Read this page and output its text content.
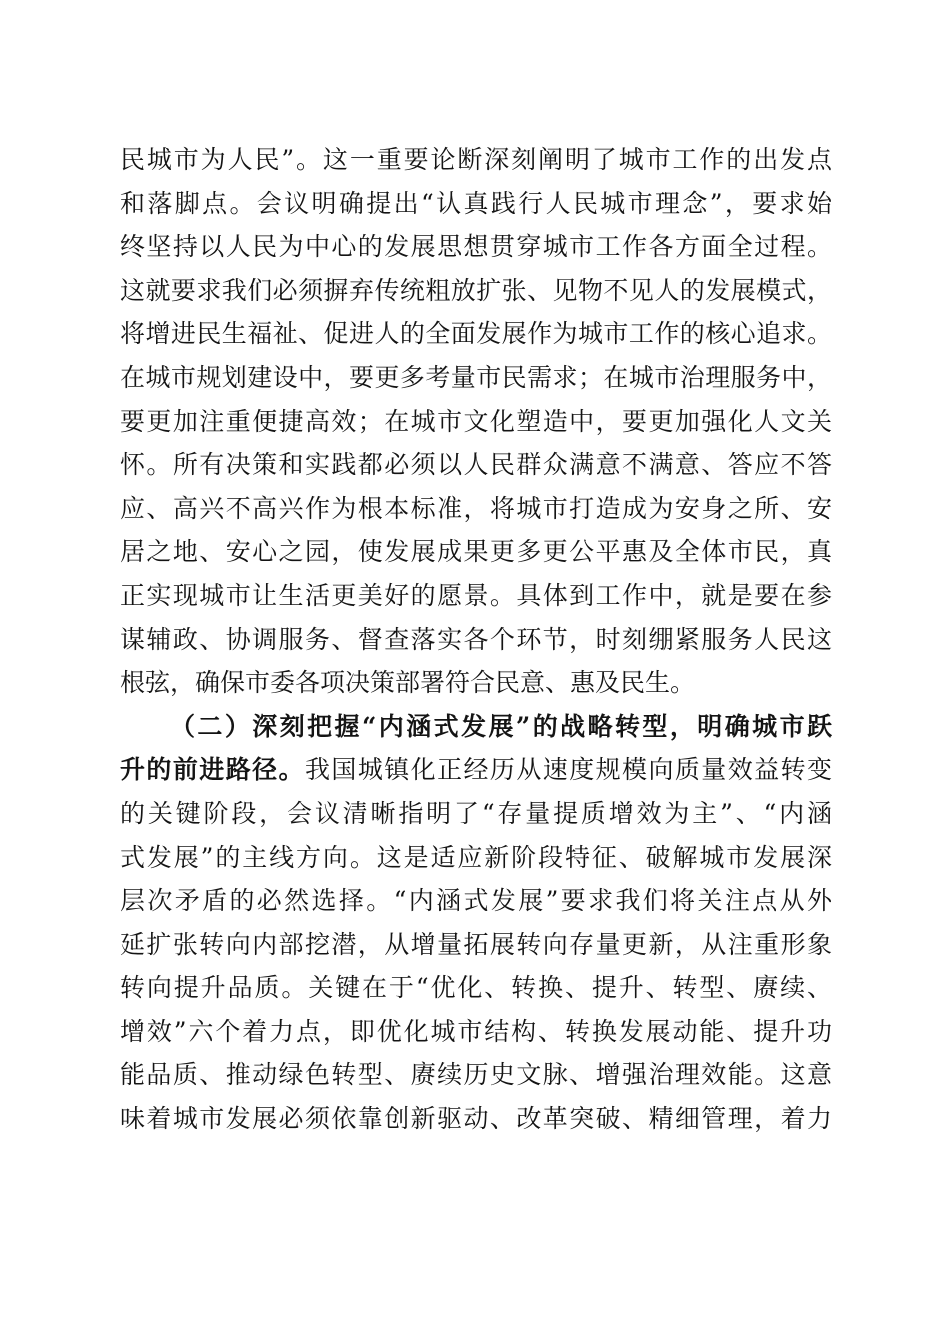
民城市为人民”。这一重要论断深刻阐明了城市工作的出发点
和落脚点。会议明确提出“认真践行人民城市理念”，要求始
终坚持以人民为中心的发展思想贯穿城市工作各方面全过程。
这就要求我们必须摒弃传统粗放扩张、见物不见人的发展模式，
将增进民生福祉、促进人的全面发展作为城市工作的核心追求。
在城市规划建设中，要更多考量市民需求；在城市治理服务中，
要更加注重便捷高效；在城市文化塑造中，要更加强化人文关
怀。所有决策和实践都必须以人民群众满意不满意、答应不答
应、高兴不高兴作为根本标准，将城市打造成为安身之所、安
居之地、安心之园，使发展成果更多更公平惠及全体市民，真
正实现城市让生活更美好的愿景。具体到工作中，就是要在参
谋辅政、协调服务、督查落实各个环节，时刻绷紧服务人民这
根弦，确保市委各项决策部署符合民意、惠及民生。
（二）深刻把握“内涵式发展”的战略转型，明确城市跃
升的前进路径。我国城镇化正经历从速度规模向质量效益转变
的关键阶段，会议清晰指明了“存量提质增效为主”、“内涵
式发展”的主线方向。这是适应新阶段特征、破解城市发展深
层次矛盾的必然选择。“内涵式发展”要求我们将关注点从外
延扩张转向内部挖潜，从增量拓展转向存量更新，从注重形象
转向提升品质。关键在于“优化、转换、提升、转型、赓续、
增效”六个着力点，即优化城市结构、转换发展动能、提升功
能品质、推动绿色转型、赓续历史文脉、增强治理效能。这意
味着城市发展必须依靠创新驱动、改革突破、精细管理，着力
